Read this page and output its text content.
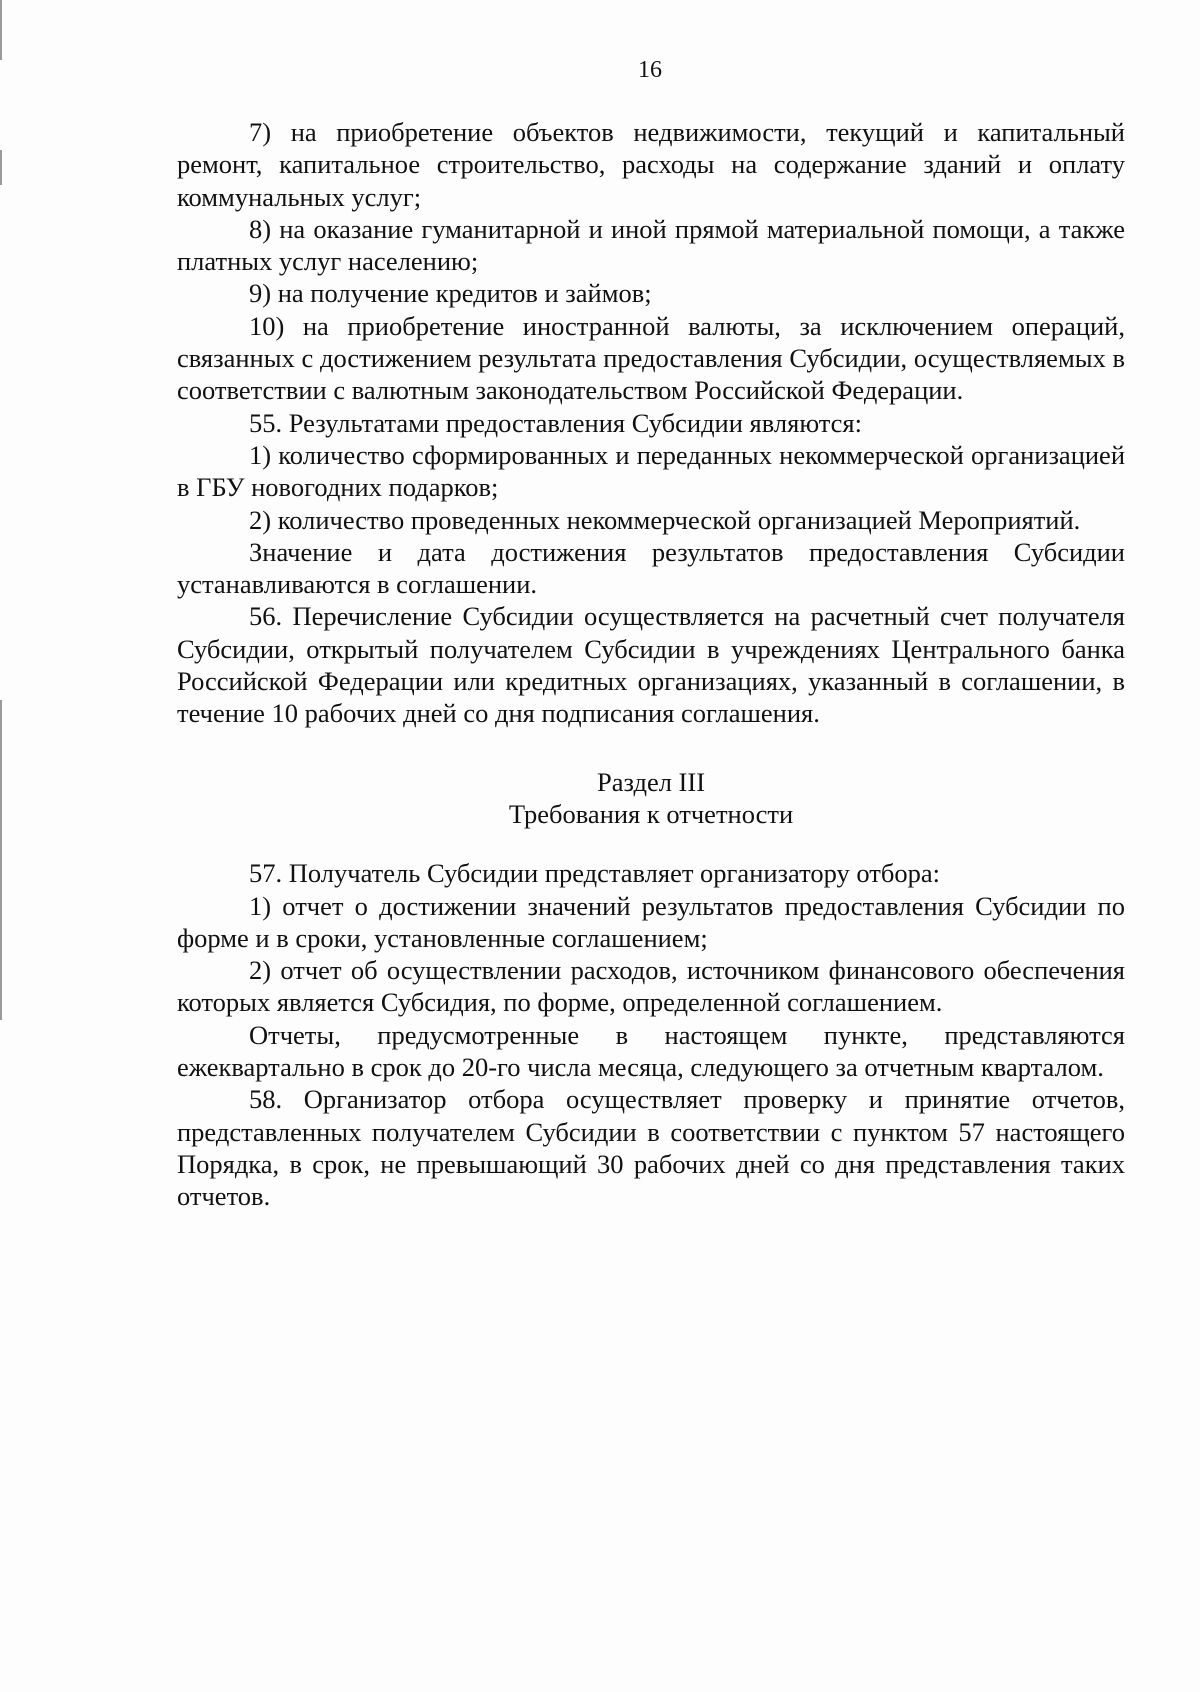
16

7) на приобретение объектов недвижимости, текущий и капитальный ремонт, капитальное строительство, расходы на содержание зданий и оплату коммунальных услуг;

8) на оказание гуманитарной и иной прямой материальной помощи, а также платных услуг населению;

9) на получение кредитов и займов;

10) на приобретение иностранной валюты, за исключением операций, связанных с достижением результата предоставления Субсидии, осуществляемых в соответствии с валютным законодательством Российской Федерации.

55. Результатами предоставления Субсидии являются:

1) количество сформированных и переданных некоммерческой организацией в ГБУ новогодних подарков;

2) количество проведенных некоммерческой организацией Мероприятий.

Значение и дата достижения результатов предоставления Субсидии устанавливаются в соглашении.

56. Перечисление Субсидии осуществляется на расчетный счет получателя Субсидии, открытый получателем Субсидии в учреждениях Центрального банка Российской Федерации или кредитных организациях, указанный в соглашении, в течение 10 рабочих дней со дня подписания соглашения.

Раздел III

Требования к отчетности

57. Получатель Субсидии представляет организатору отбора:

1) отчет о достижении значений результатов предоставления Субсидии по форме и в сроки, установленные соглашением;

2) отчет об осуществлении расходов, источником финансового обеспечения которых является Субсидия, по форме, определенной соглашением.

Отчеты, предусмотренные в настоящем пункте, представляются ежеквартально в срок до 20-го числа месяца, следующего за отчетным кварталом.

58. Организатор отбора осуществляет проверку и принятие отчетов, представленных получателем Субсидии в соответствии с пунктом 57 настоящего Порядка, в срок, не превышающий 30 рабочих дней со дня представления таких отчетов.
